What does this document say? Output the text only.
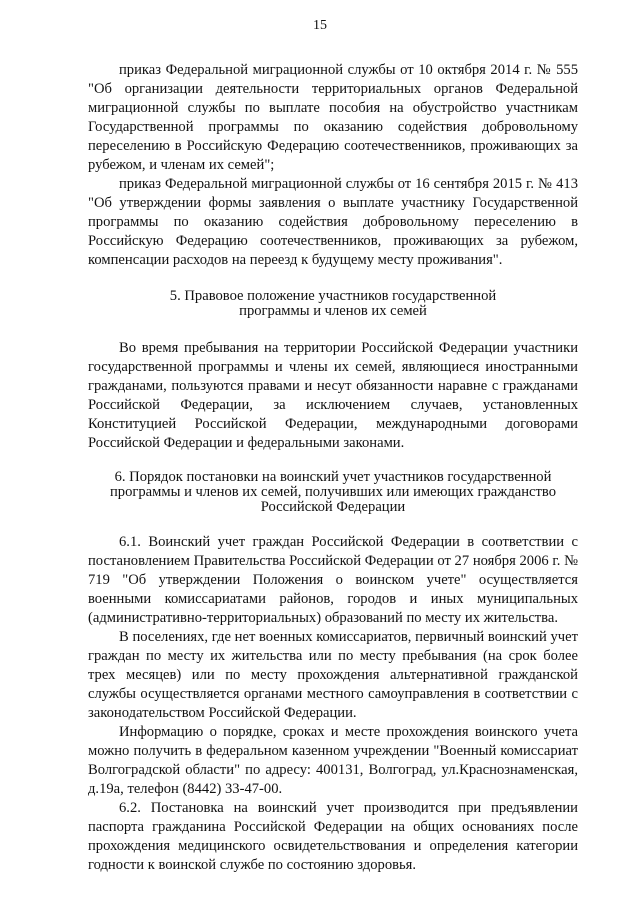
15

приказ Федеральной миграционной службы от 10 октября 2014 г. № 555 "Об организации деятельности территориальных органов Федеральной миграционной службы по выплате пособия на обустройство участникам Государственной программы по оказанию содействия добровольному переселению в Российскую Федерацию соотечественников, проживающих за рубежом, и членам их семей";

приказ Федеральной миграционной службы от 16 сентября 2015 г. № 413 "Об утверждении формы заявления о выплате участнику Государственной программы по оказанию содействия добровольному переселению в Российскую Федерацию соотечественников, проживающих за рубежом, компенсации расходов на переезд к будущему месту проживания".

5. Правовое положение участников государственной
программы и членов их семей

Во время пребывания на территории Российской Федерации участники государственной программы и члены их семей, являющиеся иностранными гражданами, пользуются правами и несут обязанности наравне с гражданами Российской Федерации, за исключением случаев, установленных Конституцией Российской Федерации, международными договорами Российской Федерации и федеральными законами.

6. Порядок постановки на воинский учет участников государственной
программы и членов их семей, получивших или имеющих гражданство
Российской Федерации

6.1. Воинский учет граждан Российской Федерации в соответствии с постановлением Правительства Российской Федерации от 27 ноября 2006 г. № 719 "Об утверждении Положения о воинском учете" осуществляется военными комиссариатами районов, городов и иных муниципальных (административно-территориальных) образований по месту их жительства.

В поселениях, где нет военных комиссариатов, первичный воинский учет граждан по месту их жительства или по месту пребывания (на срок более трех месяцев) или по месту прохождения альтернативной гражданской службы осуществляется органами местного самоуправления в соответствии с законодательством Российской Федерации.

Информацию о порядке, сроках и месте прохождения воинского учета можно получить в федеральном казенном учреждении "Военный комиссариат Волгоградской области" по адресу: 400131, Волгоград, ул.Краснознаменская, д.19а, телефон (8442) 33-47-00.

6.2. Постановка на воинский учет производится при предъявлении паспорта гражданина Российской Федерации на общих основаниях после прохождения медицинского освидетельствования и определения категории годности к воинской службе по состоянию здоровья.
